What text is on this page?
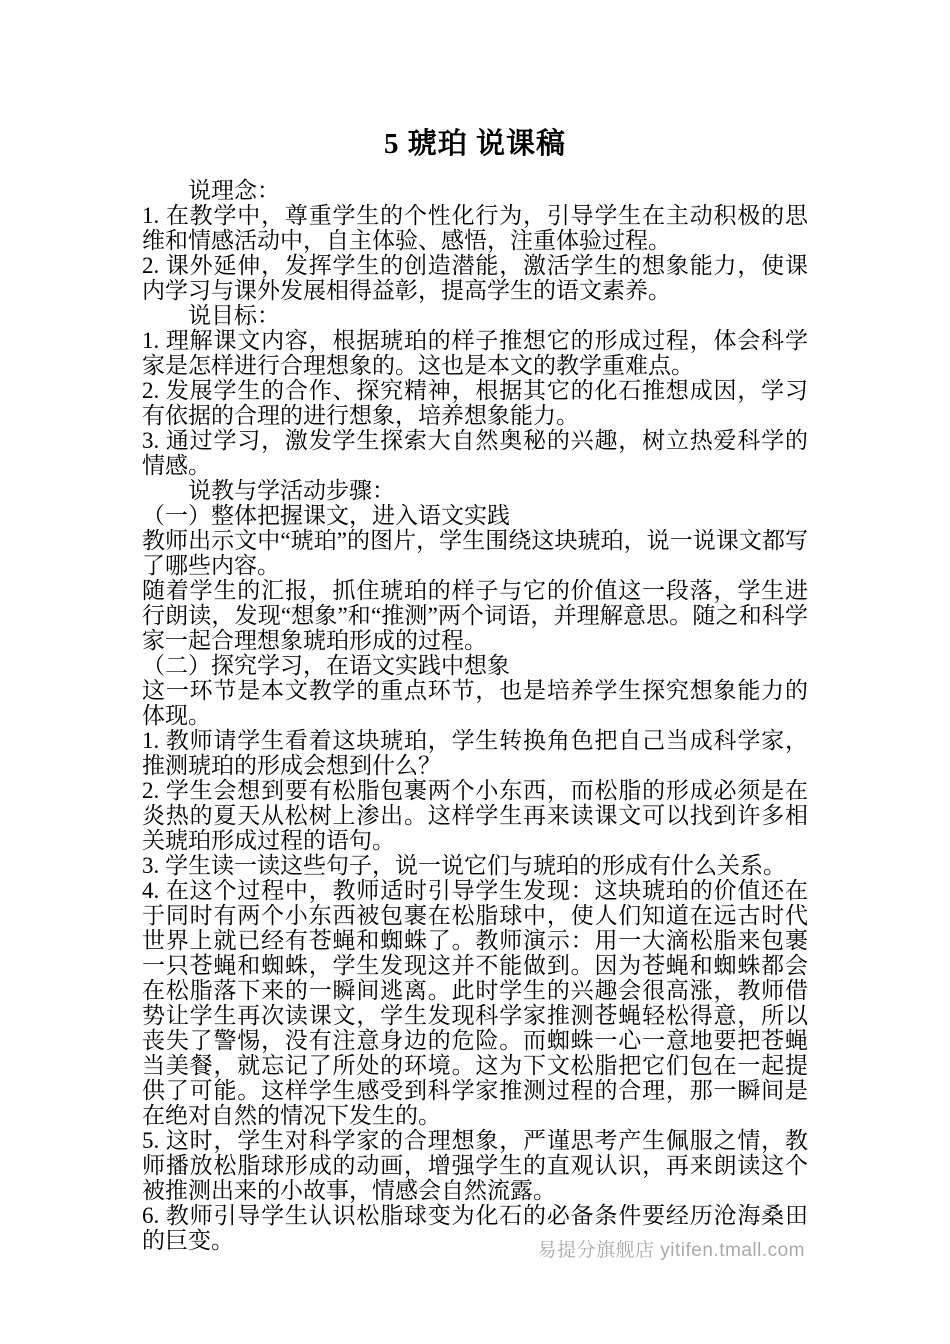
5 琥珀 说课稿

说理念：

1. 在教学中，尊重学生的个性化行为，引导学生在主动积极的思维和情感活动中，自主体验、感悟，注重体验过程。

2. 课外延伸，发挥学生的创造潜能，激活学生的想象能力，使课内学习与课外发展相得益彰，提高学生的语文素养。

说目标：

1. 理解课文内容，根据琥珀的样子推想它的形成过程，体会科学家是怎样进行合理想象的。这也是本文的教学重难点。

2. 发展学生的合作、探究精神，根据其它的化石推想成因，学习有依据的合理的进行想象，培养想象能力。

3. 通过学习，激发学生探索大自然奥秘的兴趣，树立热爱科学的情感。

说教与学活动步骤：

（一）整体把握课文，进入语文实践

教师出示文中“琥珀”的图片，学生围绕这块琥珀，说一说课文都写了哪些内容。

随着学生的汇报，抓住琥珀的样子与它的价值这一段落，学生进行朗读，发现“想象”和“推测”两个词语，并理解意思。随之和科学家一起合理想象琥珀形成的过程。

（二）探究学习，在语文实践中想象

这一环节是本文教学的重点环节，也是培养学生探究想象能力的体现。

1. 教师请学生看着这块琥珀，学生转换角色把自己当成科学家，推测琥珀的形成会想到什么？

2. 学生会想到要有松脂包裹两个小东西，而松脂的形成必须是在炎热的夏天从松树上渗出。这样学生再来读课文可以找到许多相关琥珀形成过程的语句。

3. 学生读一读这些句子，说一说它们与琥珀的形成有什么关系。

4. 在这个过程中，教师适时引导学生发现：这块琥珀的价值还在于同时有两个小东西被包裹在松脂球中，使人们知道在远古时代世界上就已经有苍蝇和蜘蛛了。教师演示：用一大滴松脂来包裹一只苍蝇和蜘蛛，学生发现这并不能做到。因为苍蝇和蜘蛛都会在松脂落下来的一瞬间逃离。此时学生的兴趣会很高涨，教师借势让学生再次读课文，学生发现科学家推测苍蝇轻松得意，所以丧失了警惕，没有注意身边的危险。而蜘蛛一心一意地要把苍蝇当美餐，就忘记了所处的环境。这为下文松脂把它们包在一起提供了可能。这样学生感受到科学家推测过程的合理，那一瞬间是在绝对自然的情况下发生的。

5. 这时，学生对科学家的合理想象，严谨思考产生佩服之情，教师播放松脂球形成的动画，增强学生的直观认识，再来朗读这个被推测出来的小故事，情感会自然流露。

6. 教师引导学生认识松脂球变为化石的必备条件要经历沧海桑田的巨变。	易提分旗舰店 yitifen.tmall.com
